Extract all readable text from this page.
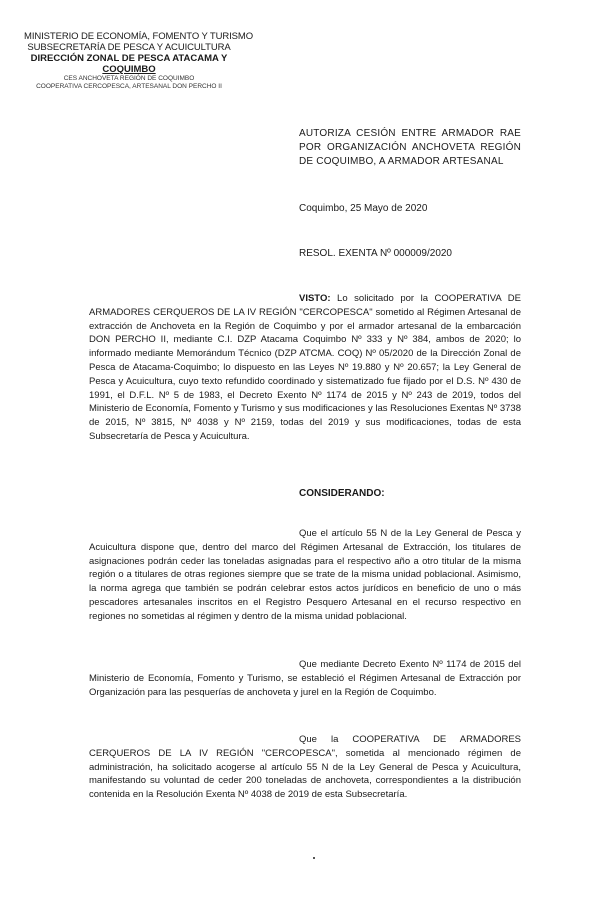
MINISTERIO DE ECONOMÍA, FOMENTO Y TURISMO
SUBSECRETARÍA DE PESCA Y ACUICULTURA
DIRECCIÓN ZONAL DE PESCA ATACAMA Y
COQUIMBO
CES ANCHOVETA REGIÓN DE COQUIMBO
COOPERATIVA CERCOPESCA, ARTESANAL DON PERCHO II
AUTORIZA CESIÓN ENTRE ARMADOR RAE POR ORGANIZACIÓN ANCHOVETA REGIÓN DE COQUIMBO, A ARMADOR ARTESANAL
Coquimbo, 25 Mayo de 2020
RESOL. EXENTA Nº 000009/2020
VISTO: Lo solicitado por la COOPERATIVA DE ARMADORES CERQUEROS DE LA IV REGIÓN "CERCOPESCA" sometido al Régimen Artesanal de extracción de Anchoveta en la Región de Coquimbo y por el armador artesanal de la embarcación DON PERCHO II, mediante C.I. DZP Atacama Coquimbo Nº 333 y Nº 384, ambos de 2020; lo informado mediante Memorándum Técnico (DZP ATCMA. COQ) Nº 05/2020 de la Dirección Zonal de Pesca de Atacama-Coquimbo; lo dispuesto en las Leyes Nº 19.880 y Nº 20.657; la Ley General de Pesca y Acuicultura, cuyo texto refundido coordinado y sistematizado fue fijado por el D.S. Nº 430 de 1991, el D.F.L. Nº 5 de 1983, el Decreto Exento Nº 1174 de 2015 y Nº 243 de 2019, todos del Ministerio de Economía, Fomento y Turismo y sus modificaciones y las Resoluciones Exentas Nº 3738 de 2015, Nº 3815, Nº 4038 y Nº 2159, todas del 2019 y sus modificaciones, todas de esta Subsecretaría de Pesca y Acuicultura.
CONSIDERANDO:
Que el artículo 55 N de la Ley General de Pesca y Acuicultura dispone que, dentro del marco del Régimen Artesanal de Extracción, los titulares de asignaciones podrán ceder las toneladas asignadas para el respectivo año a otro titular de la misma región o a titulares de otras regiones siempre que se trate de la misma unidad poblacional. Asimismo, la norma agrega que también se podrán celebrar estos actos jurídicos en beneficio de uno o más pescadores artesanales inscritos en el Registro Pesquero Artesanal en el recurso respectivo en regiones no sometidas al régimen y dentro de la misma unidad poblacional.
Que mediante Decreto Exento Nº 1174 de 2015 del Ministerio de Economía, Fomento y Turismo, se estableció el Régimen Artesanal de Extracción por Organización para las pesquerías de anchoveta y jurel en la Región de Coquimbo.
Que la COOPERATIVA DE ARMADORES CERQUEROS DE LA IV REGIÓN "CERCOPESCA", sometida al mencionado régimen de administración, ha solicitado acogerse al artículo 55 N de la Ley General de Pesca y Acuicultura, manifestando su voluntad de ceder 200 toneladas de anchoveta, correspondientes a la distribución contenida en la Resolución Exenta Nº 4038 de 2019 de esta Subsecretaría.
